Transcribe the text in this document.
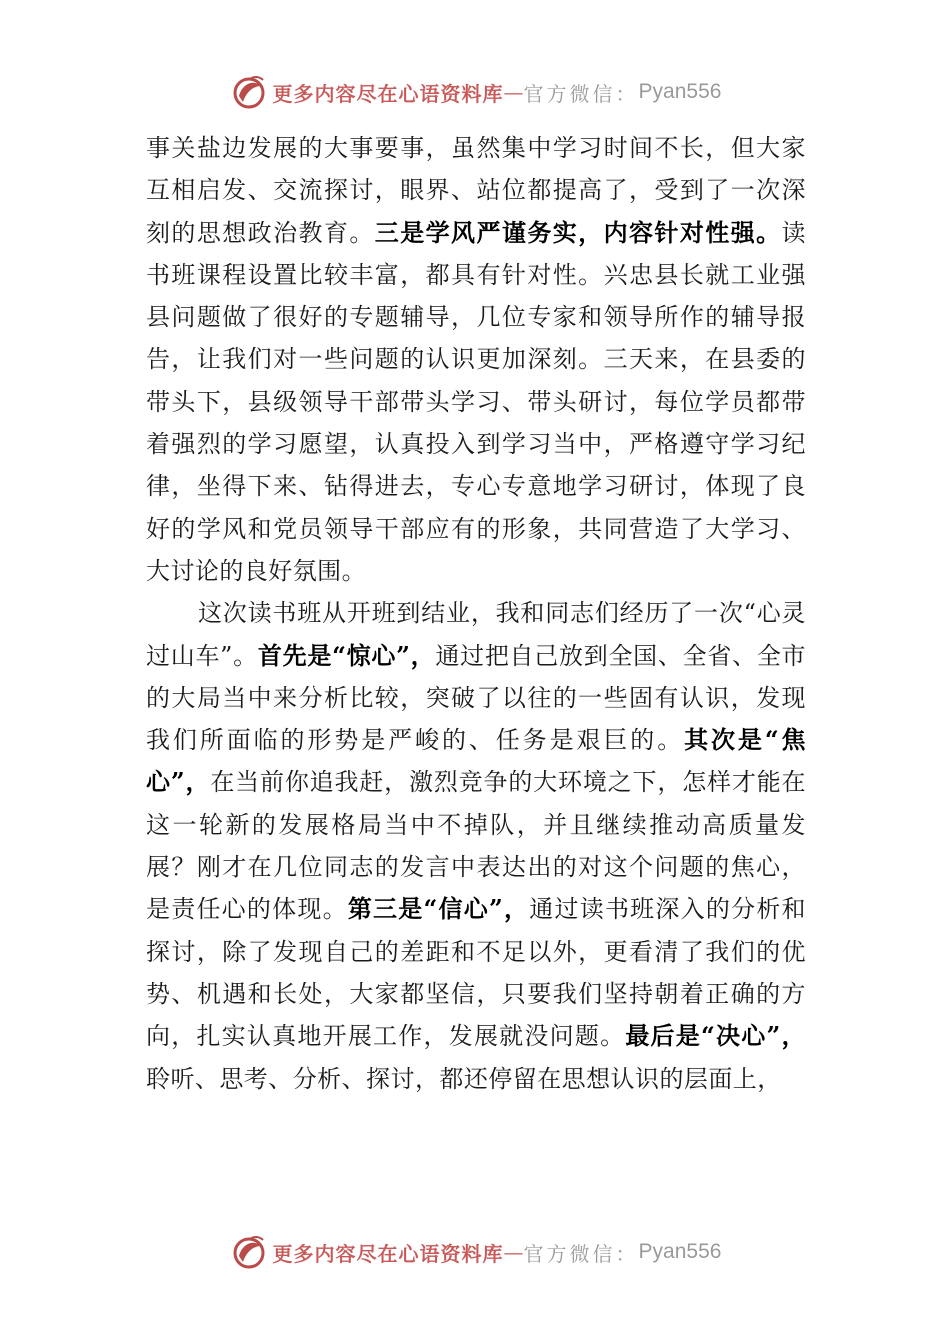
更多内容尽在心语资料库 — 官方微信： Pyan556

事关盐边发展的大事要事，虽然集中学习时间不长，但大家互相启发、交流探讨，眼界、站位都提高了，受到了一次深刻的思想政治教育。三是学风严谨务实，内容针对性强。读书班课程设置比较丰富，都具有针对性。兴忠县长就工业强县问题做了很好的专题辅导，几位专家和领导所作的辅导报告，让我们对一些问题的认识更加深刻。三天来，在县委的带头下，县级领导干部带头学习、带头研讨，每位学员都带着强烈的学习愿望，认真投入到学习当中，严格遵守学习纪律，坐得下来、钻得进去，专心专意地学习研讨，体现了良好的学风和党员领导干部应有的形象，共同营造了大学习、大讨论的良好氛围。

这次读书班从开班到结业，我和同志们经历了一次“心灵过山车”。首先是“惊心”，通过把自己放到全国、全省、全市的大局当中来分析比较，突破了以往的一些固有认识，发现我们所面临的形势是严峻的、任务是艰巨的。其次是“焦心”，在当前你追我赶，激烈竞争的大环境之下，怎样才能在这一轮新的发展格局当中不掉队，并且继续推动高质量发展？刚才在几位同志的发言中表达出的对这个问题的焦心，是责任心的体现。第三是“信心”，通过读书班深入的分析和探讨，除了发现自己的差距和不足以外，更看清了我们的优势、机遇和长处，大家都坚信，只要我们坚持朝着正确的方向，扎实认真地开展工作，发展就没问题。最后是“决心”，聆听、思考、分析、探讨，都还停留在思想认识的层面上，

更多内容尽在心语资料库 — 官方微信： Pyan556
